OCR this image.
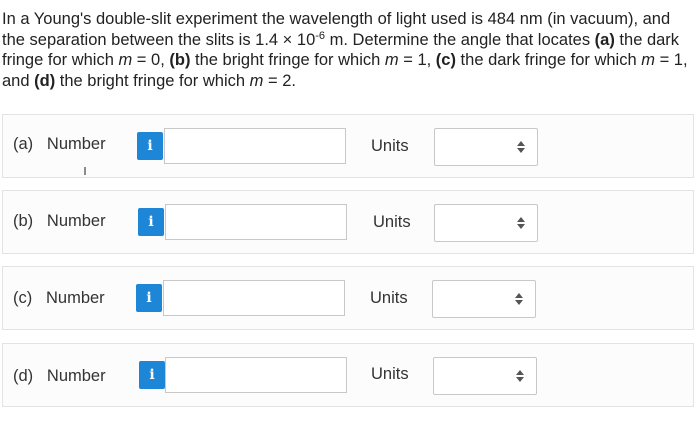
In a Young's double-slit experiment the wavelength of light used is 484 nm (in vacuum), and
the separation between the slits is $1.4 \times 10^{-6}$ m. Determine the angle that locates (a) the dark
fringe for which m = 0, (b) the bright fringe for which m = 1, (c) the dark fringe for which m = 1,
and (d) the bright fringe for which m = 2.
(a)   Number	i	Units
(b)   Number	i	Units
(c)   Number	i	Units
(d)   Number	i	Units
